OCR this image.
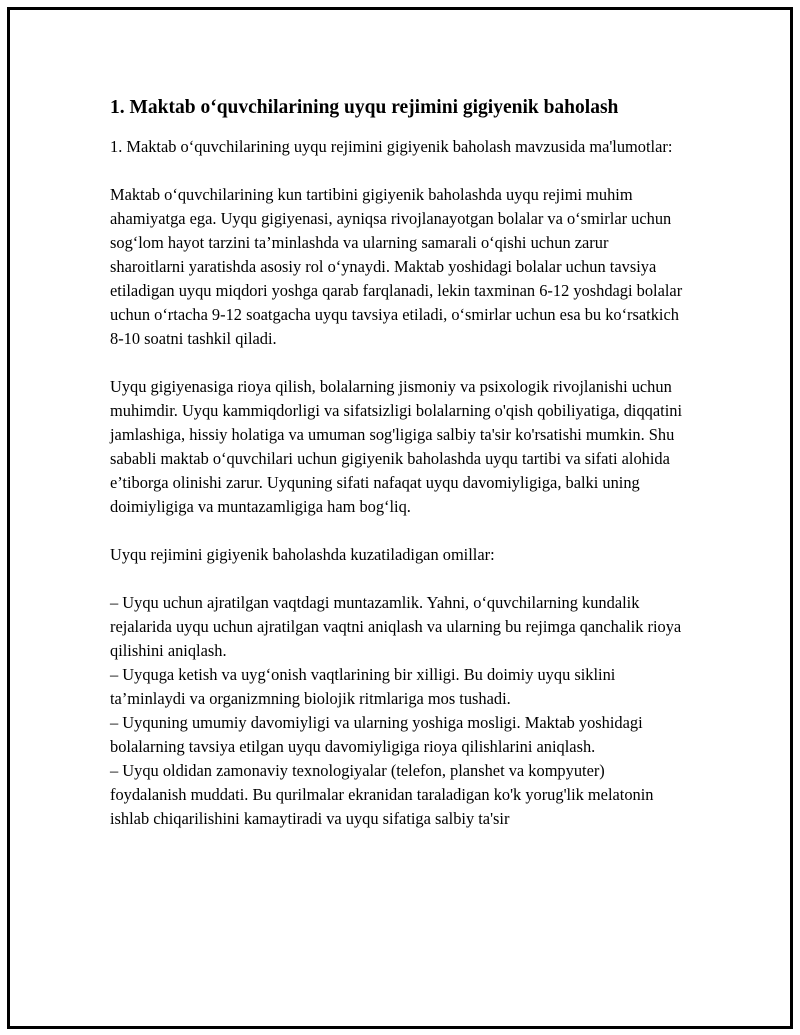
1. Maktab o‘quvchilarining uyqu rejimini gigiyenik baholash

1. Maktab o‘quvchilarining uyqu rejimini gigiyenik baholash mavzusida ma'lumotlar:

Maktab o‘quvchilarining kun tartibini gigiyenik baholashda uyqu rejimi muhim ahamiyatga ega. Uyqu gigiyenasi, ayniqsa rivojlanayotgan bolalar va o‘smirlar uchun sog‘lom hayot tarzini ta’minlashda va ularning samarali o‘qishi uchun zarur sharoitlarni yaratishda asosiy rol o‘ynaydi. Maktab yoshidagi bolalar uchun tavsiya etiladigan uyqu miqdori yoshga qarab farqlanadi, lekin taxminan 6-12 yoshdagi bolalar uchun o‘rtacha 9-12 soatgacha uyqu tavsiya etiladi, o‘smirlar uchun esa bu ko‘rsatkich 8-10 soatni tashkil qiladi.

Uyqu gigiyenasiga rioya qilish, bolalarning jismoniy va psixologik rivojlanishi uchun muhimdir. Uyqu kammiqdorligi va sifatsizligi bolalarning o'qish qobiliyatiga, diqqatini jamlashiga, hissiy holatiga va umuman sog'ligiga salbiy ta'sir ko'rsatishi mumkin. Shu sababli maktab o‘quvchilari uchun gigiyenik baholashda uyqu tartibi va sifati alohida e’tiborga olinishi zarur. Uyquning sifati nafaqat uyqu davomiyligiga, balki uning doimiyligiga va muntazamligiga ham bog‘liq.

Uyqu rejimini gigiyenik baholashda kuzatiladigan omillar:

– Uyqu uchun ajratilgan vaqtdagi muntazamlik. Yahni, o‘quvchilarning kundalik rejalarida uyqu uchun ajratilgan vaqtni aniqlash va ularning bu rejimga qanchalik rioya qilishini aniqlash.
– Uyquga ketish va uyg‘onish vaqtlarining bir xilligi. Bu doimiy uyqu siklini ta’minlaydi va organizmning biolojik ritmlariga mos tushadi.
– Uyquning umumiy davomiyligi va ularning yoshiga mosligi. Maktab yoshidagi bolalarning tavsiya etilgan uyqu davomiyligiga rioya qilishlarini aniqlash.
– Uyqu oldidan zamonaviy texnologiyalar (telefon, planshet va kompyuter) foydalanish muddati. Bu qurilmalar ekranidan taraladigan ko'k yorug'lik melatonin ishlab chiqarilishini kamaytiradi va uyqu sifatiga salbiy ta'sir
